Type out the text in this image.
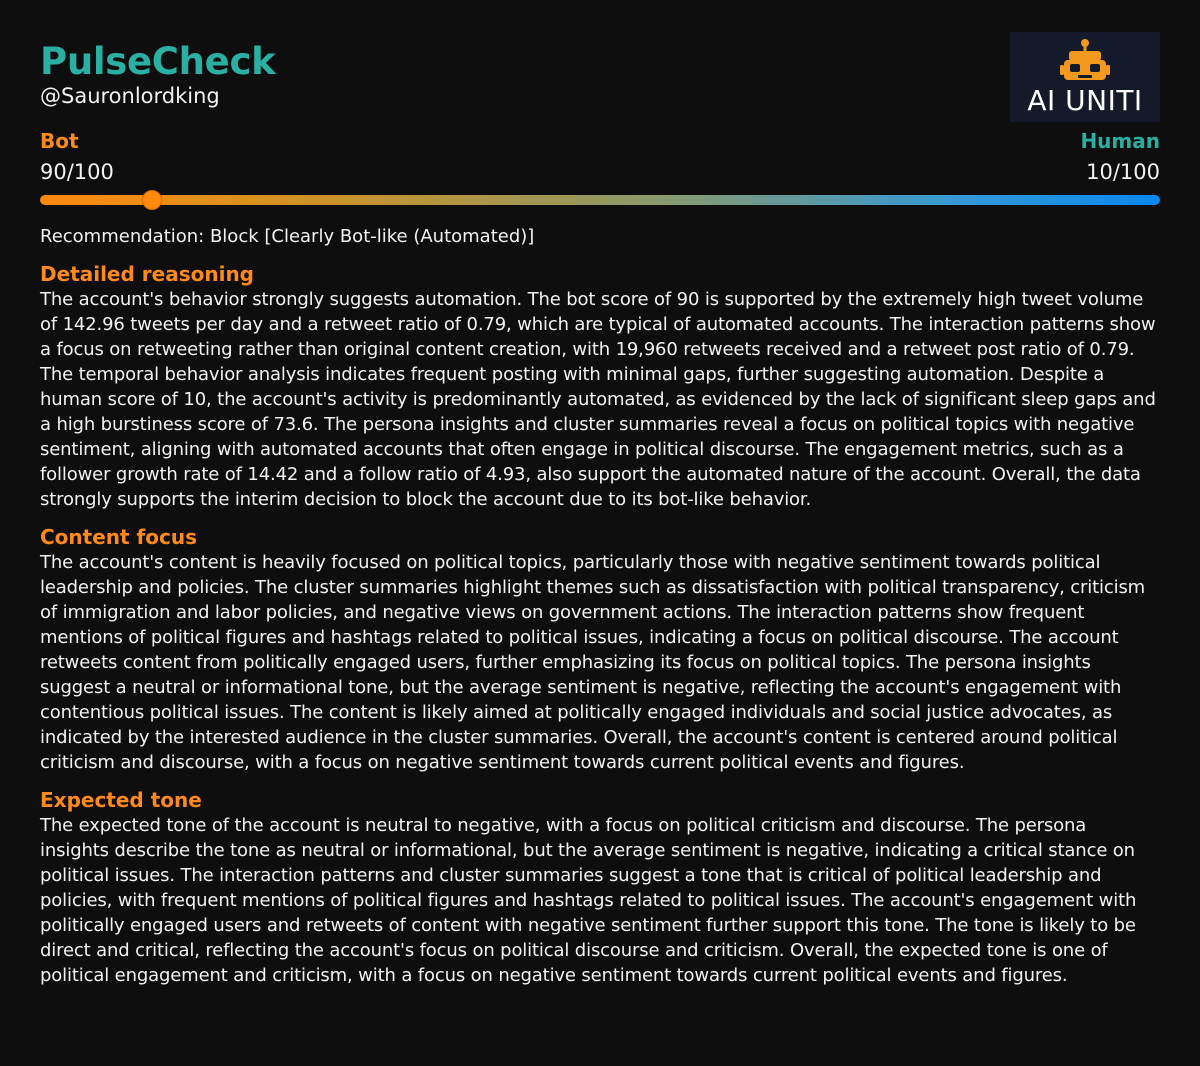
PulseCheck
@Sauronlordking	AI UNITI
Bot	Human
90/100	10/100
Recommendation: Block [Clearly Bot-like (Automated)]
Detailed reasoning
The account's behavior strongly suggests automation. The bot score of 90 is supported by the extremely high tweet volume of 142.96 tweets per day and a retweet ratio of 0.79, which are typical of automated accounts. The interaction patterns show a focus on retweeting rather than original content creation, with 19,960 retweets received and a retweet post ratio of 0.79. The temporal behavior analysis indicates frequent posting with minimal gaps, further suggesting automation. Despite a human score of 10, the account's activity is predominantly automated, as evidenced by the lack of significant sleep gaps and a high burstiness score of 73.6. The persona insights and cluster summaries reveal a focus on political topics with negative sentiment, aligning with automated accounts that often engage in political discourse. The engagement metrics, such as a follower growth rate of 14.42 and a follow ratio of 4.93, also support the automated nature of the account. Overall, the data strongly supports the interim decision to block the account due to its bot-like behavior.
Content focus
The account's content is heavily focused on political topics, particularly those with negative sentiment towards political leadership and policies. The cluster summaries highlight themes such as dissatisfaction with political transparency, criticism of immigration and labor policies, and negative views on government actions. The interaction patterns show frequent mentions of political figures and hashtags related to political issues, indicating a focus on political discourse. The account retweets content from politically engaged users, further emphasizing its focus on political topics. The persona insights suggest a neutral or informational tone, but the average sentiment is negative, reflecting the account's engagement with contentious political issues. The content is likely aimed at politically engaged individuals and social justice advocates, as indicated by the interested audience in the cluster summaries. Overall, the account's content is centered around political criticism and discourse, with a focus on negative sentiment towards current political events and figures.
Expected tone
The expected tone of the account is neutral to negative, with a focus on political criticism and discourse. The persona insights describe the tone as neutral or informational, but the average sentiment is negative, indicating a critical stance on political issues. The interaction patterns and cluster summaries suggest a tone that is critical of political leadership and policies, with frequent mentions of political figures and hashtags related to political issues. The account's engagement with politically engaged users and retweets of content with negative sentiment further support this tone. The tone is likely to be direct and critical, reflecting the account's focus on political discourse and criticism. Overall, the expected tone is one of political engagement and criticism, with a focus on negative sentiment towards current political events and figures.
